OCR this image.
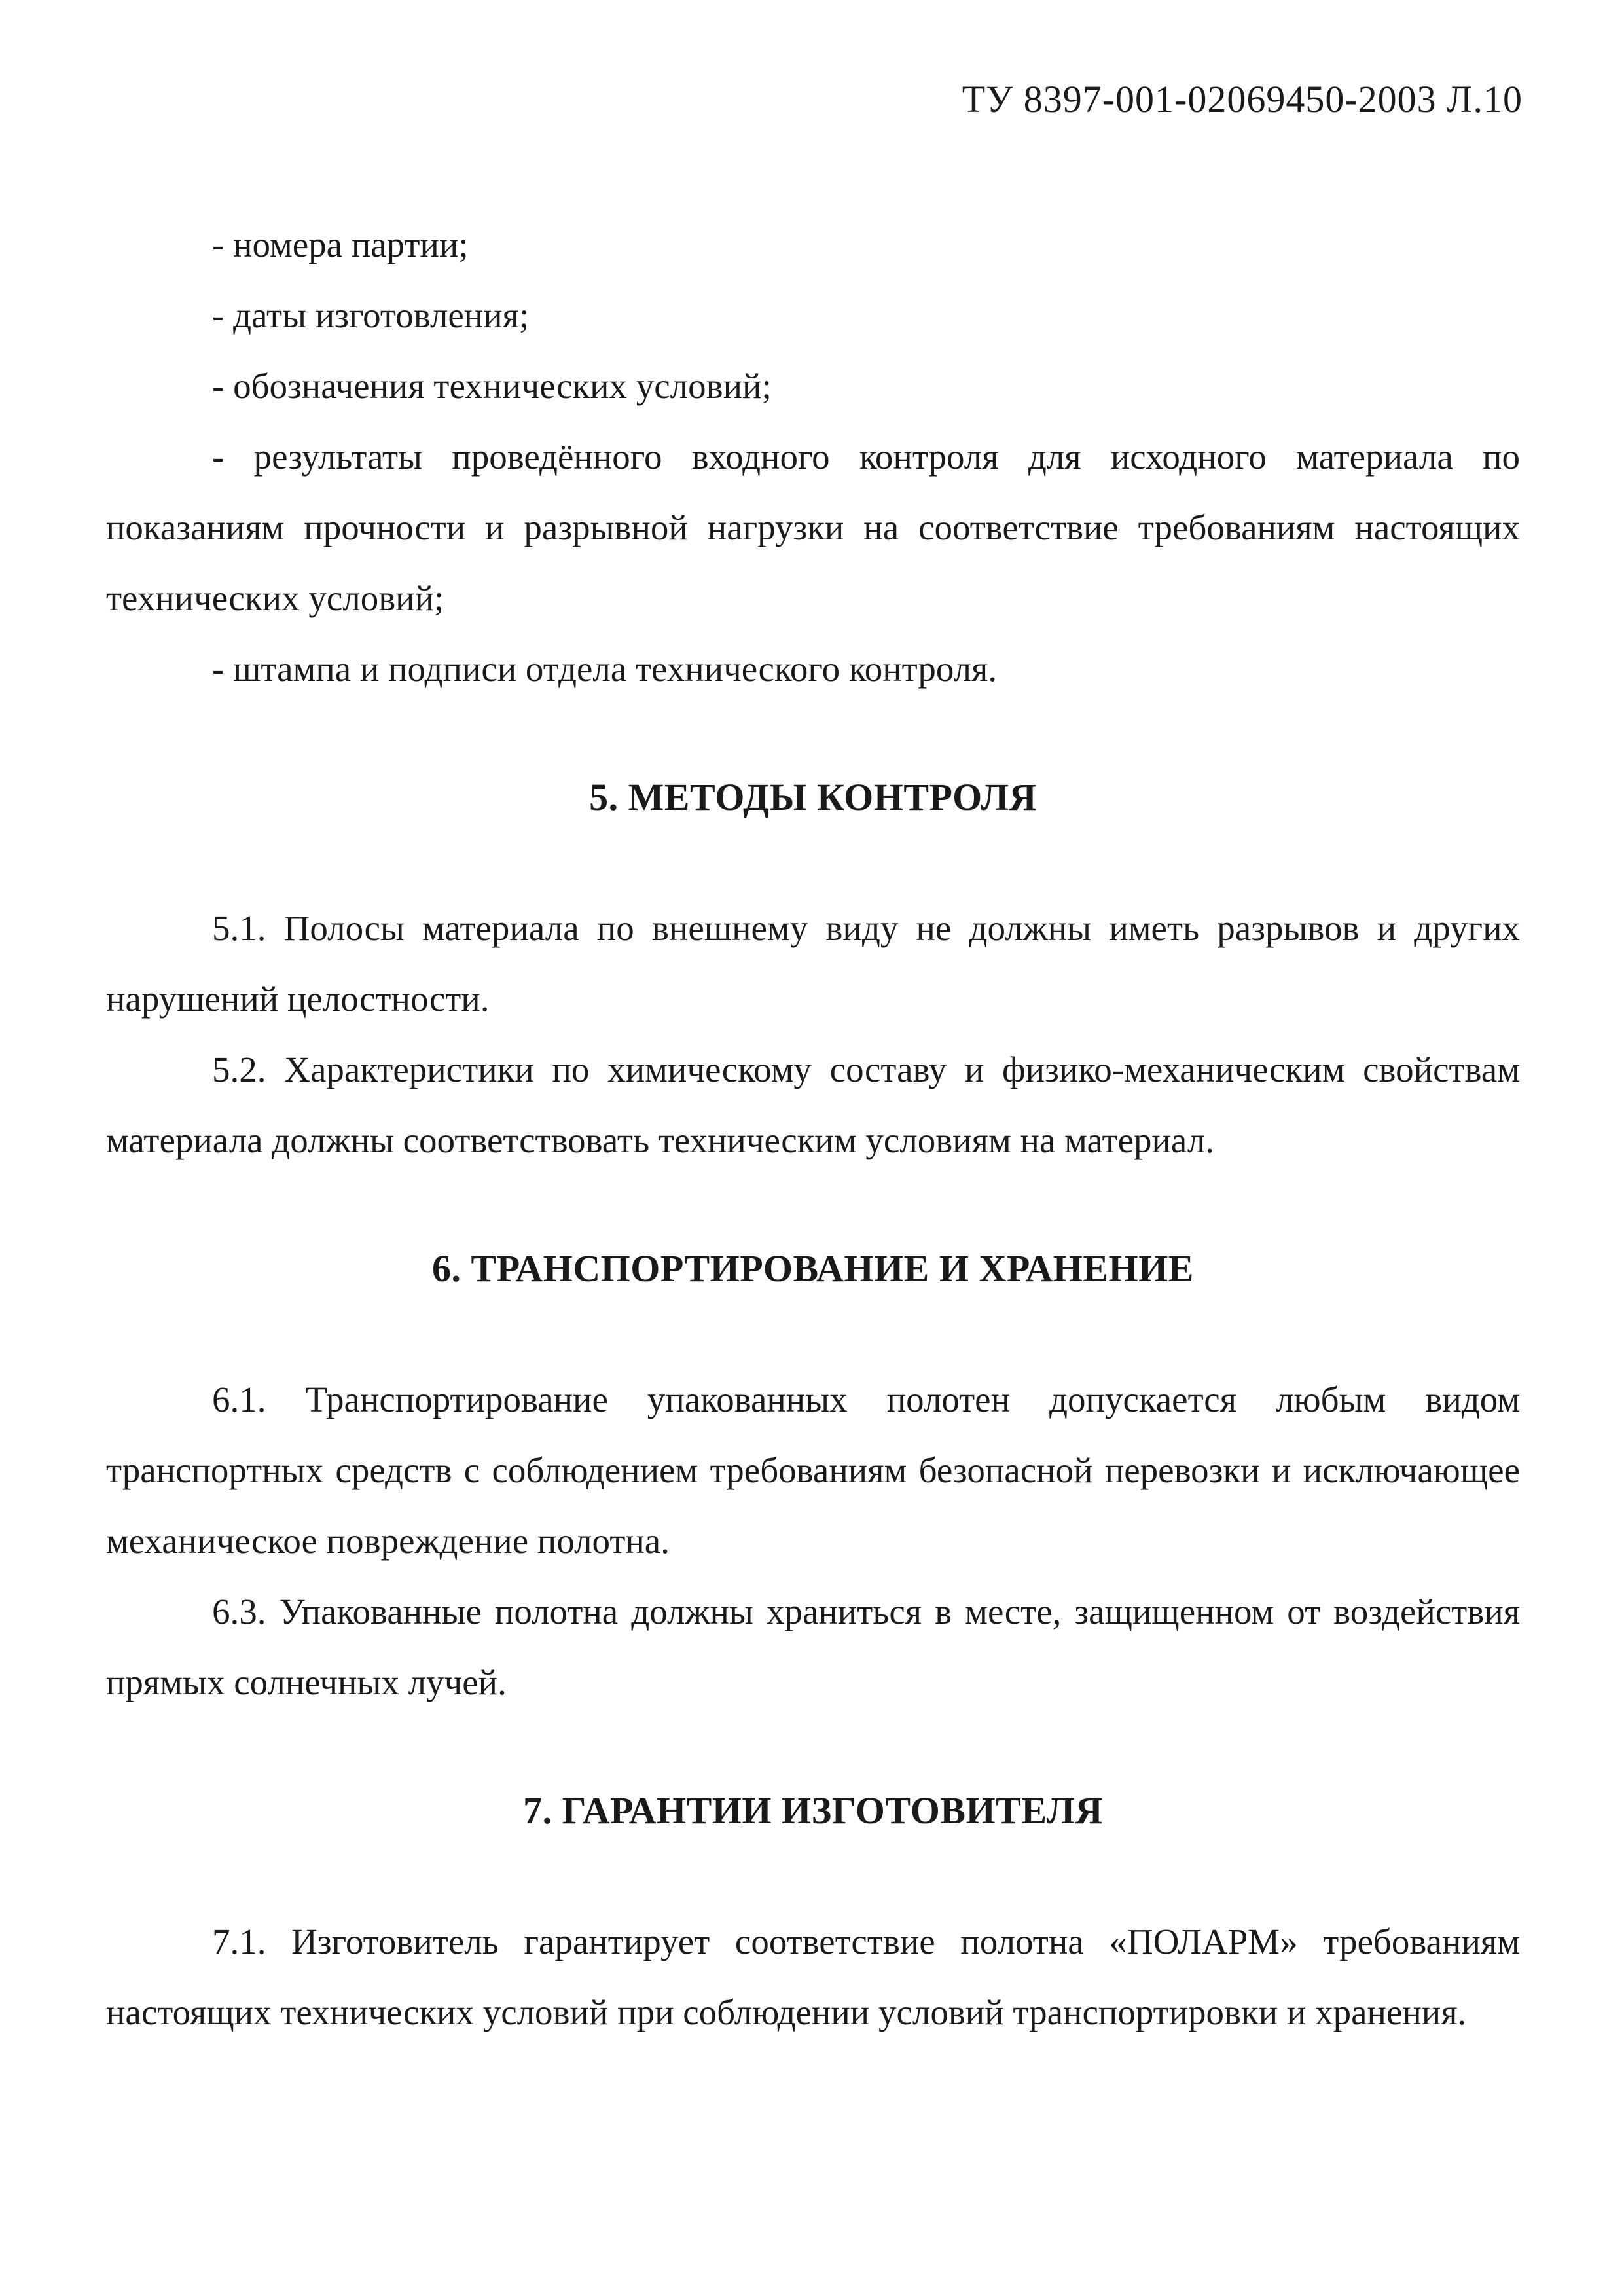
ТУ 8397-001-02069450-2003 Л.10

- номера партии;

- даты изготовления;

- обозначения технических условий;

- результаты проведённого входного контроля для исходного материала по показаниям прочности и разрывной нагрузки на соответствие требованиям настоящих технических условий;

- штампа и подписи отдела технического контроля.

5. МЕТОДЫ КОНТРОЛЯ

5.1. Полосы материала по внешнему виду не должны иметь разрывов и других нарушений целостности.

5.2. Характеристики по химическому составу и физико-механическим свойствам материала должны соответствовать техническим условиям на материал.

6. ТРАНСПОРТИРОВАНИЕ И ХРАНЕНИЕ

6.1. Транспортирование упакованных полотен допускается любым видом транспортных средств с соблюдением требованиям безопасной перевозки и исключающее механическое повреждение полотна.

6.3. Упакованные полотна должны храниться в месте, защищенном от воздействия прямых солнечных лучей.

7. ГАРАНТИИ ИЗГОТОВИТЕЛЯ

7.1. Изготовитель гарантирует соответствие полотна «ПОЛАРМ» требованиям настоящих технических условий при соблюдении условий транспортировки и хранения.
